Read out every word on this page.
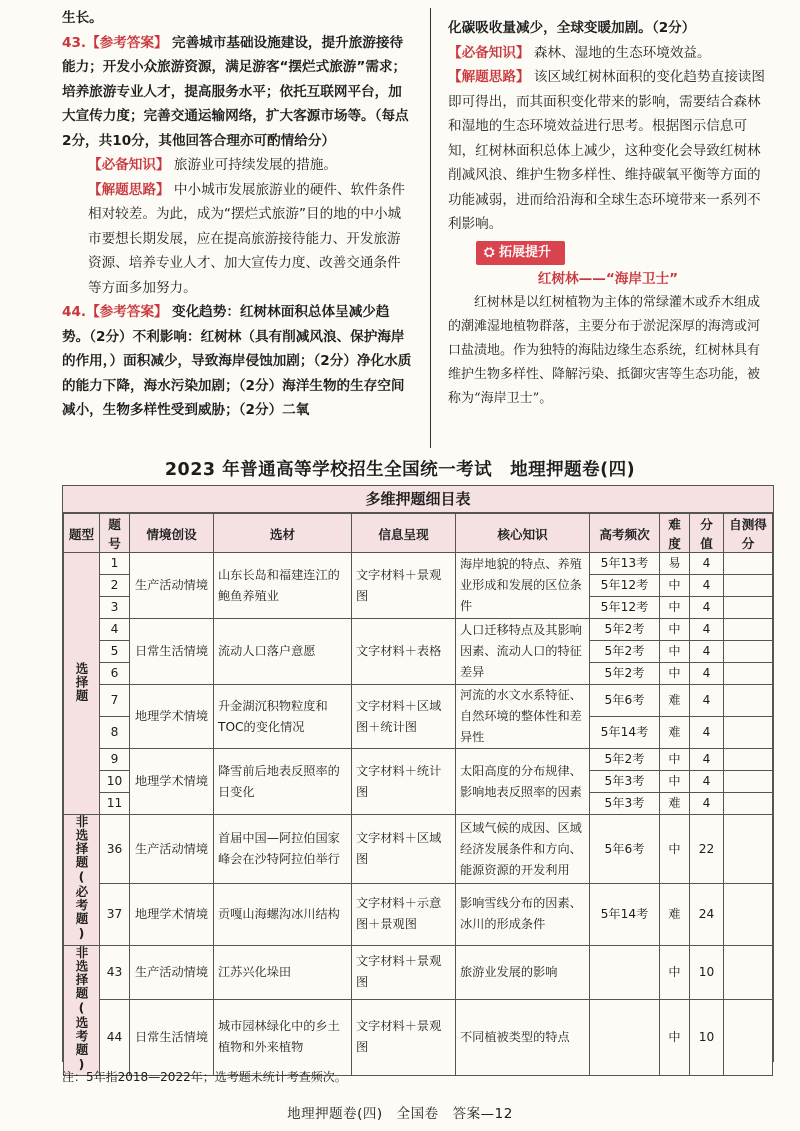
生长。

43.【参考答案】 完善城市基础设施建设，提升旅游接待能力；开发小众旅游资源，满足游客“摆烂式旅游”需求；培养旅游专业人才，提高服务水平；依托互联网平台，加大宣传力度；完善交通运输网络，扩大客源市场等。（每点2分，共10分，其他回答合理亦可酌情给分）

【必备知识】 旅游业可持续发展的措施。

【解题思路】 中小城市发展旅游业的硬件、软件条件相对较差。为此，成为“摆烂式旅游”目的地的中小城市要想长期发展，应在提高旅游接待能力、开发旅游资源、培养专业人才、加大宣传力度、改善交通条件等方面多加努力。

44.【参考答案】 变化趋势：红树林面积总体呈减少趋势。（2分）不利影响：红树林（具有削减风浪、保护海岸的作用，）面积减少，导致海岸侵蚀加剧；（2分）净化水质的能力下降，海水污染加剧；（2分）海洋生物的生存空间减小，生物多样性受到威胁；（2分）二氧

化碳吸收量减少，全球变暖加剧。（2分）

【必备知识】 森林、湿地的生态环境效益。

【解题思路】 该区域红树林面积的变化趋势直接读图即可得出，而其面积变化带来的影响，需要结合森林和湿地的生态环境效益进行思考。根据图示信息可知，红树林面积总体上减少，这种变化会导致红树林削减风浪、维护生物多样性、维持碳氧平衡等方面的功能减弱，进而给沿海和全球生态环境带来一系列不利影响。

⛭ 拓展提升

红树林——“海岸卫士”

红树林是以红树植物为主体的常绿灌木或乔木组成的潮滩湿地植物群落，主要分布于淤泥深厚的海湾或河口盐渍地。作为独特的海陆边缘生态系统，红树林具有维护生物多样性、降解污染、抵御灾害等生态功能，被称为“海岸卫士”。

2023 年普通高等学校招生全国统一考试　地理押题卷(四)
多维押题细目表
题型	题号	情境创设	选材	信息呈现	核心知识	高考频次	难度	分值	自测得分
选择题	1	生产活动情境	山东长岛和福建连江的鲍鱼养殖业	文字材料＋景观图	海岸地貌的特点、养殖业形成和发展的区位条件	5年13考	易	4	
	2					5年12考	中	4	
	3					5年12考	中	4	
	4	日常生活情境	流动人口落户意愿	文字材料＋表格	人口迁移特点及其影响因素、流动人口的特征差异	5年2考	中	4	
	5					5年2考	中	4	
	6					5年2考	中	4	
	7	地理学术情境	升金湖沉积物粒度和TOC的变化情况	文字材料＋区域图＋统计图	河流的水文水系特征、自然环境的整体性和差异性	5年6考	难	4	
	8					5年14考	难	4	
	9	地理学术情境	降雪前后地表反照率的日变化	文字材料＋统计图	太阳高度的分布规律、影响地表反照率的因素	5年2考	中	4	
	10					5年3考	中	4	
	11					5年3考	难	4	
非选择题(必考题)	36	生产活动情境	首届中国—阿拉伯国家峰会在沙特阿拉伯举行	文字材料＋区域图	区域气候的成因、区域经济发展条件和方向、能源资源的开发利用	5年6考	中	22	
	37	地理学术情境	贡嘎山海螺沟冰川结构	文字材料＋示意图＋景观图	影响雪线分布的因素、冰川的形成条件	5年14考	难	24	
非选择题(选考题)	43	生产活动情境	江苏兴化垛田	文字材料＋景观图	旅游业发展的影响		中	10	
	44	日常生活情境	城市园林绿化中的乡土植物和外来植物	文字材料＋景观图	不同植被类型的特点		中	10	
注：5年指2018—2022年；选考题未统计考查频次。
地理押题卷(四)　全国卷　答案—12
